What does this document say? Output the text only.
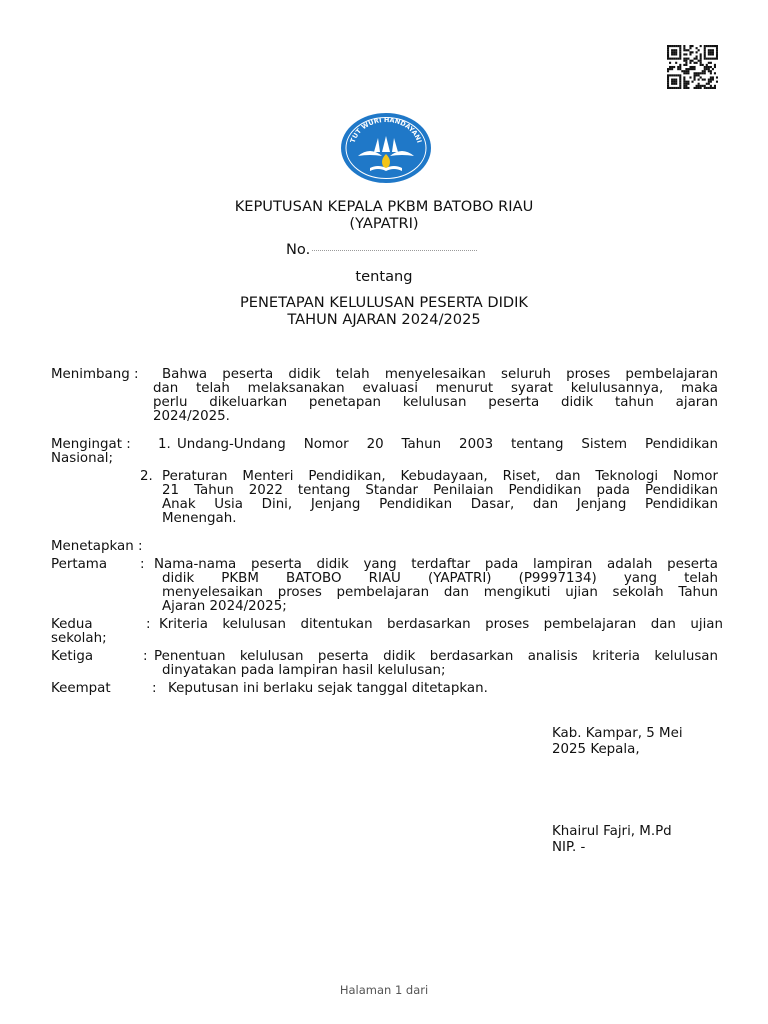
TUT WURI HANDAYANI
KEPUTUSAN KEPALA PKBM BATOBO RIAU
(YAPATRI)
No.
tentang
PENETAPAN KELULUSAN PESERTA DIDIK
TAHUN AJARAN 2024/2025
Menimbang : Bahwa peserta didik telah menyelesaikan seluruh proses pembelajaran
dan telah melaksanakan evaluasi menurut syarat kelulusannya, maka
perlu dikeluarkan penetapan kelulusan peserta didik tahun ajaran
2024/2025.
Mengingat : 1. Undang-Undang Nomor 20 Tahun 2003 tentang Sistem Pendidikan
Nasional;
2. Peraturan Menteri Pendidikan, Kebudayaan, Riset, dan Teknologi Nomor
21 Tahun 2022 tentang Standar Penilaian Pendidikan pada Pendidikan
Anak Usia Dini, Jenjang Pendidikan Dasar, dan Jenjang Pendidikan
Menengah.
Menetapkan :
Pertama : Nama-nama peserta didik yang terdaftar pada lampiran adalah peserta
didik PKBM BATOBO RIAU (YAPATRI) (P9997134) yang telah
menyelesaikan proses pembelajaran dan mengikuti ujian sekolah Tahun
Ajaran 2024/2025;
Kedua	: Kriteria kelulusan ditentukan berdasarkan proses pembelajaran dan ujian
sekolah;
Ketiga	: Penentuan kelulusan peserta didik berdasarkan analisis kriteria kelulusan
dinyatakan pada lampiran hasil kelulusan;
Keempat	: Keputusan ini berlaku sejak tanggal ditetapkan.
Kab. Kampar, 5 Mei
2025 Kepala,
Khairul Fajri, M.Pd
NIP. -
Halaman 1 dari
